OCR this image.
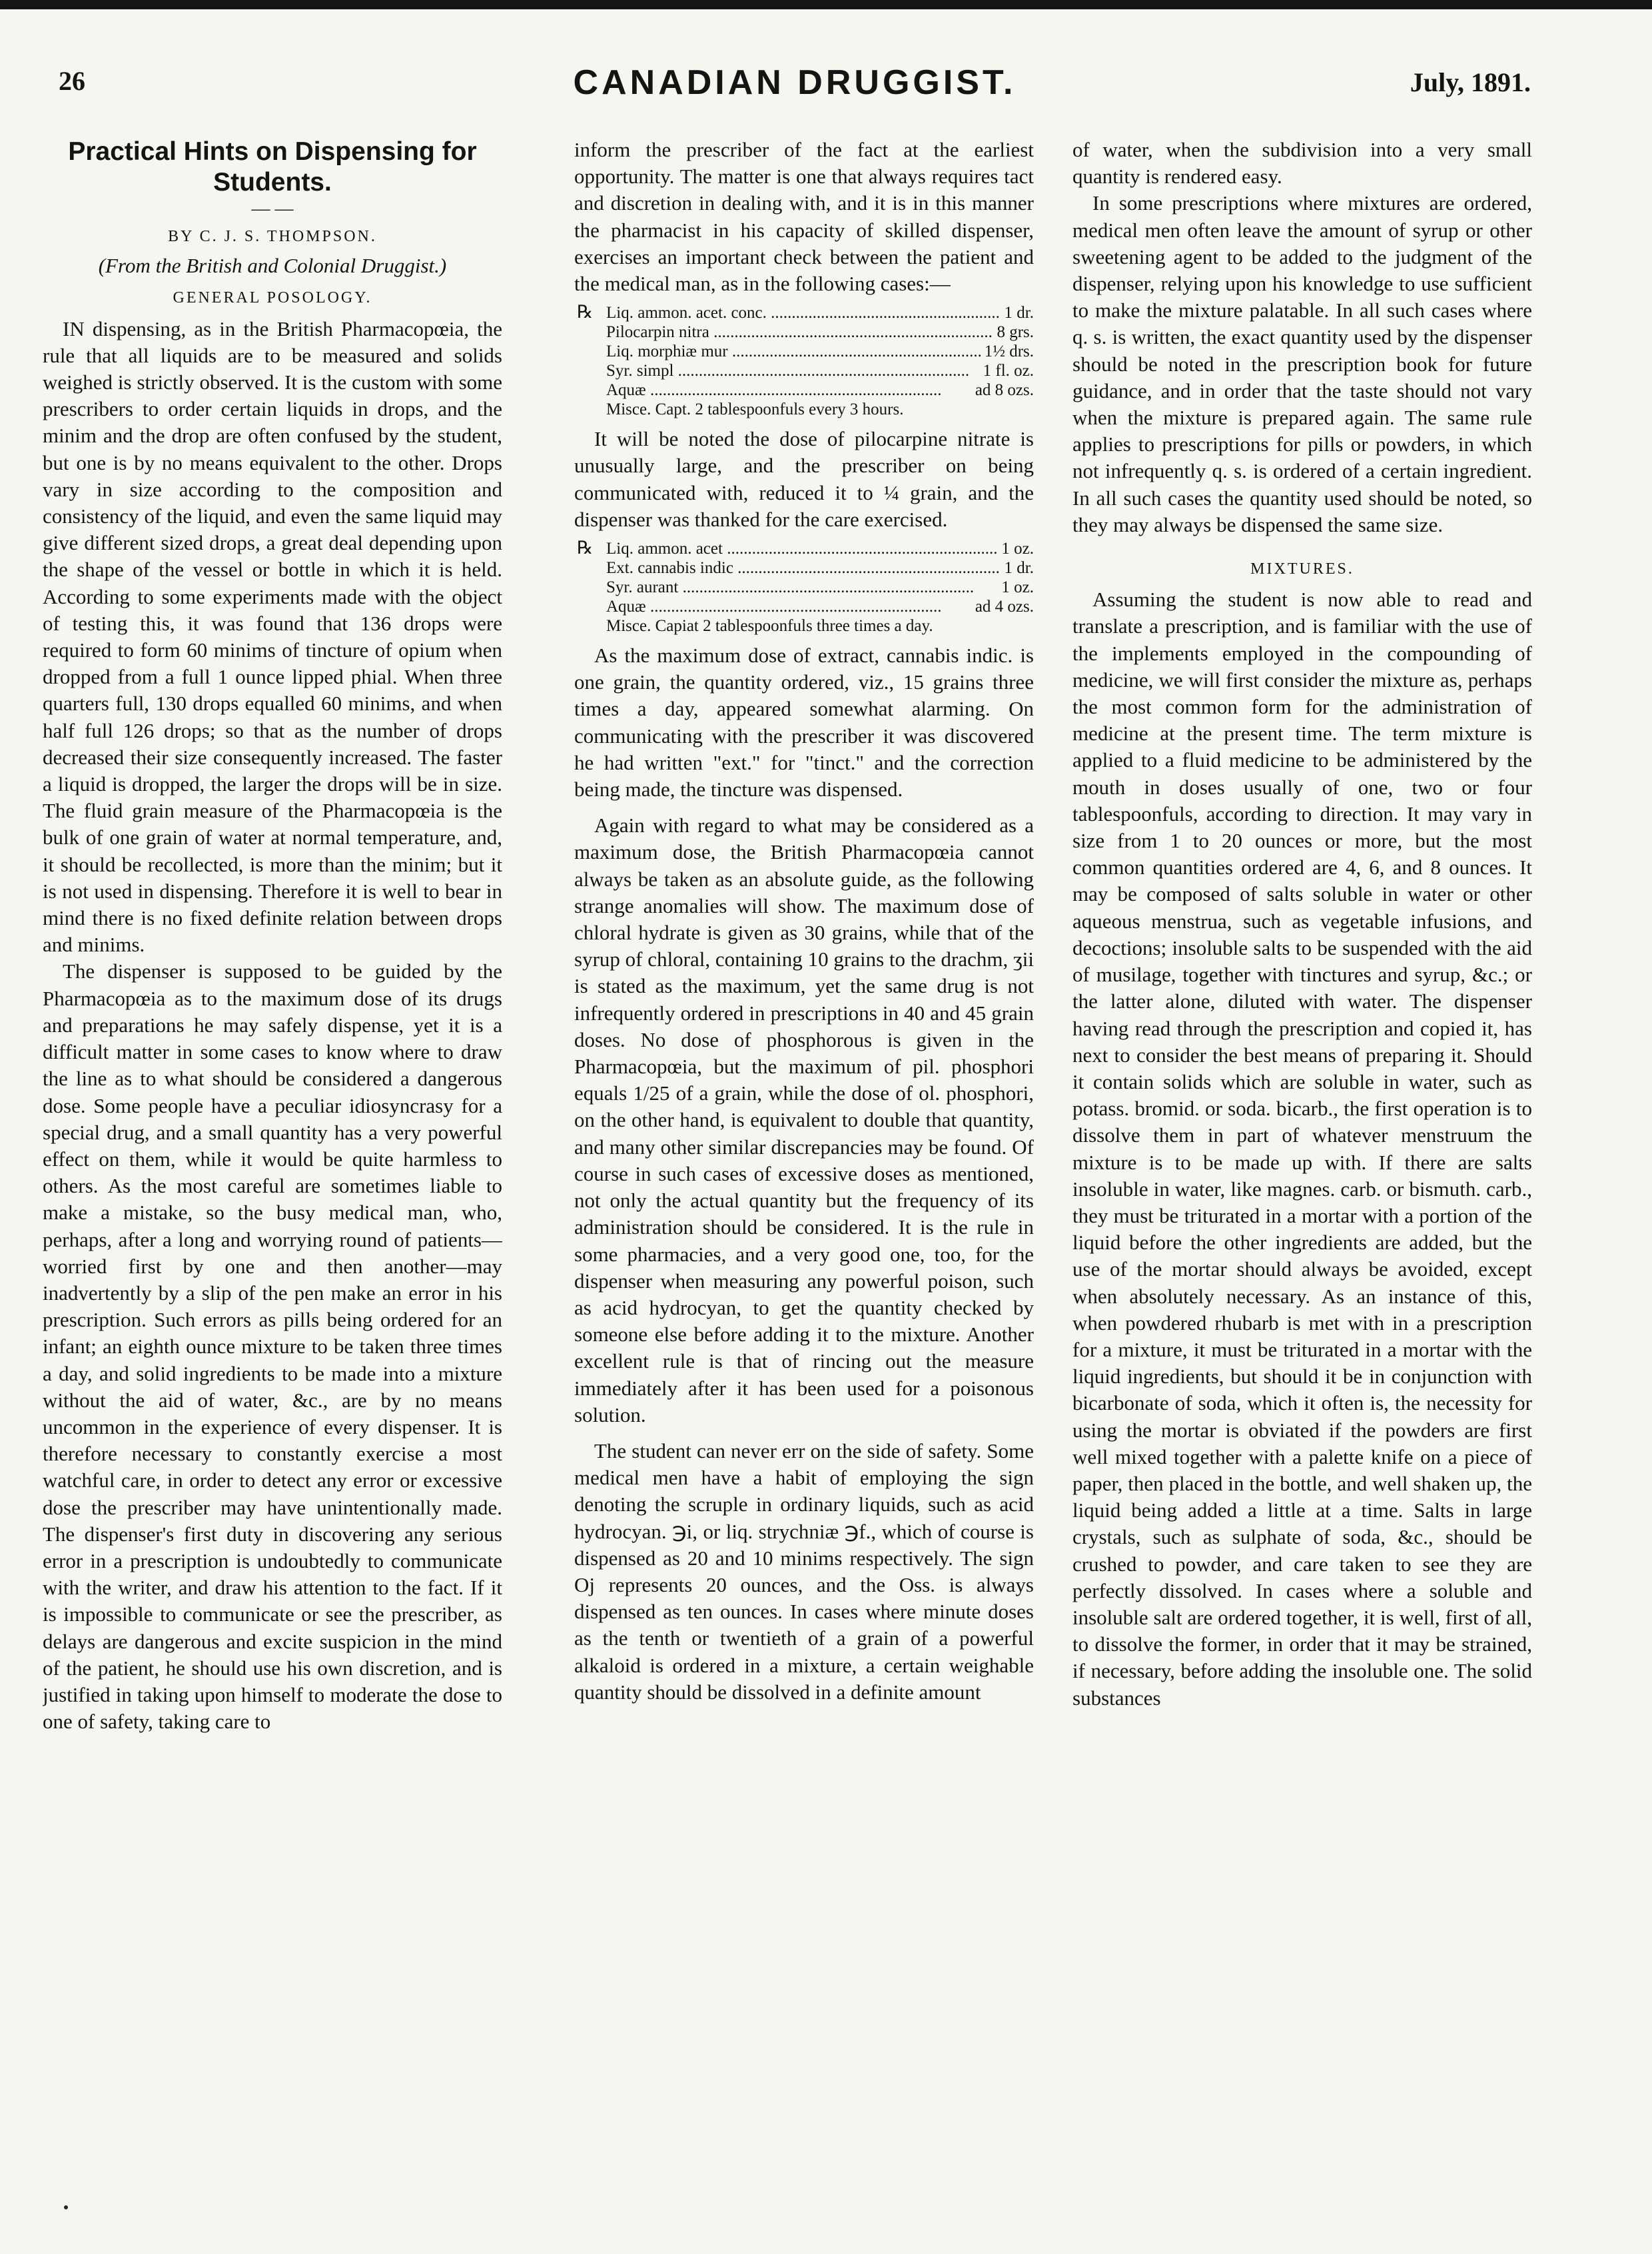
26	CANADIAN DRUGGIST.	July, 1891.
Practical Hints on Dispensing for Students.
— —
BY C. J. S. THOMPSON.
(From the British and Colonial Druggist.)
GENERAL POSOLOGY.

IN dispensing, as in the British Pharmacopœia, the rule that all liquids are to be measured and solids weighed is strictly observed. It is the custom with some prescribers to order certain liquids in drops, and the minim and the drop are often confused by the student, but one is by no means equivalent to the other. Drops vary in size according to the composition and consistency of the liquid, and even the same liquid may give different sized drops, a great deal depending upon the shape of the vessel or bottle in which it is held. According to some experiments made with the object of testing this, it was found that 136 drops were required to form 60 minims of tincture of opium when dropped from a full 1 ounce lipped phial. When three quarters full, 130 drops equalled 60 minims, and when half full 126 drops; so that as the number of drops decreased their size consequently increased. The faster a liquid is dropped, the larger the drops will be in size. The fluid grain measure of the Pharmacopœia is the bulk of one grain of water at normal temperature, and, it should be recollected, is more than the minim; but it is not used in dispensing. Therefore it is well to bear in mind there is no fixed definite relation between drops and minims.

The dispenser is supposed to be guided by the Pharmacopœia as to the maximum dose of its drugs and preparations he may safely dispense, yet it is a difficult matter in some cases to know where to draw the line as to what should be considered a dangerous dose. Some people have a peculiar idiosyncrasy for a special drug, and a small quantity has a very powerful effect on them, while it would be quite harmless to others. As the most careful are sometimes liable to make a mistake, so the busy medical man, who, perhaps, after a long and worrying round of patients—worried first by one and then another—may inadvertently by a slip of the pen make an error in his prescription. Such errors as pills being ordered for an infant; an eighth ounce mixture to be taken three times a day, and solid ingredients to be made into a mixture without the aid of water, &c., are by no means uncommon in the experience of every dispenser. It is therefore necessary to constantly exercise a most watchful care, in order to detect any error or excessive dose the prescriber may have unintentionally made. The dispenser's first duty in discovering any serious error in a prescription is undoubtedly to communicate with the writer, and draw his attention to the fact. If it is impossible to communicate or see the prescriber, as delays are dangerous and excite suspicion in the mind of the patient, he should use his own discretion, and is justified in taking upon himself to moderate the dose to one of safety, taking care to

inform the prescriber of the fact at the earliest opportunity. The matter is one that always requires tact and discretion in dealing with, and it is in this manner the pharmacist in his capacity of skilled dispenser, exercises an important check between the patient and the medical man, as in the following cases:—

℞ Liq. ammon. acet. conc. .....	1 dr.
Pilocarpin nitra .....	8 grs.
Liq. morphiæ mur .....	1½ drs.
Syr. simpl .....	1 fl. oz.
Aquæ .....	ad 8 ozs.
Misce. Capt. 2 tablespoonfuls every 3 hours.

It will be noted the dose of pilocarpine nitrate is unusually large, and the prescriber on being communicated with, reduced it to ¼ grain, and the dispenser was thanked for the care exercised.

℞ Liq. ammon. acet .....	1 oz.
Ext. cannabis indic .....	1 dr.
Syr. aurant .....	1 oz.
Aquæ .....	ad 4 ozs.
Misce. Capiat 2 tablespoonfuls three times a day.

As the maximum dose of extract, cannabis indic. is one grain, the quantity ordered, viz., 15 grains three times a day, appeared somewhat alarming. On communicating with the prescriber it was discovered he had written "ext." for "tinct." and the correction being made, the tincture was dispensed.

Again with regard to what may be considered as a maximum dose, the British Pharmacopœia cannot always be taken as an absolute guide, as the following strange anomalies will show. The maximum dose of chloral hydrate is given as 30 grains, while that of the syrup of chloral, containing 10 grains to the drachm, ʒii is stated as the maximum, yet the same drug is not infrequently ordered in prescriptions in 40 and 45 grain doses. No dose of phosphorous is given in the Pharmacopœia, but the maximum of pil. phosphori equals 1/25 of a grain, while the dose of ol. phosphori, on the other hand, is equivalent to double that quantity, and many other similar discrepancies may be found. Of course in such cases of excessive doses as mentioned, not only the actual quantity but the frequency of its administration should be considered. It is the rule in some pharmacies, and a very good one, too, for the dispenser when measuring any powerful poison, such as acid hydrocyan, to get the quantity checked by someone else before adding it to the mixture. Another excellent rule is that of rincing out the measure immediately after it has been used for a poisonous solution.

The student can never err on the side of safety. Some medical men have a habit of employing the sign denoting the scruple in ordinary liquids, such as acid hydrocyan. ℈i, or liq. strychniæ ℈f., which of course is dispensed as 20 and 10 minims respectively. The sign Oj represents 20 ounces, and the Oss. is always dispensed as ten ounces. In cases where minute doses as the tenth or twentieth of a grain of a powerful alkaloid is ordered in a mixture, a certain weighable quantity should be dissolved in a definite amount

of water, when the subdivision into a very small quantity is rendered easy.

In some prescriptions where mixtures are ordered, medical men often leave the amount of syrup or other sweetening agent to be added to the judgment of the dispenser, relying upon his knowledge to use sufficient to make the mixture palatable. In all such cases where q. s. is written, the exact quantity used by the dispenser should be noted in the prescription book for future guidance, and in order that the taste should not vary when the mixture is prepared again. The same rule applies to prescriptions for pills or powders, in which not infrequently q. s. is ordered of a certain ingredient. In all such cases the quantity used should be noted, so they may always be dispensed the same size.

MIXTURES.

Assuming the student is now able to read and translate a prescription, and is familiar with the use of the implements employed in the compounding of medicine, we will first consider the mixture as, perhaps the most common form for the administration of medicine at the present time. The term mixture is applied to a fluid medicine to be administered by the mouth in doses usually of one, two or four tablespoonfuls, according to direction. It may vary in size from 1 to 20 ounces or more, but the most common quantities ordered are 4, 6, and 8 ounces. It may be composed of salts soluble in water or other aqueous menstrua, such as vegetable infusions, and decoctions; insoluble salts to be suspended with the aid of musilage, together with tinctures and syrup, &c.; or the latter alone, diluted with water. The dispenser having read through the prescription and copied it, has next to consider the best means of preparing it. Should it contain solids which are soluble in water, such as potass. bromid. or soda. bicarb., the first operation is to dissolve them in part of whatever menstruum the mixture is to be made up with. If there are salts insoluble in water, like magnes. carb. or bismuth. carb., they must be triturated in a mortar with a portion of the liquid before the other ingredients are added, but the use of the mortar should always be avoided, except when absolutely necessary. As an instance of this, when powdered rhubarb is met with in a prescription for a mixture, it must be triturated in a mortar with the liquid ingredients, but should it be in conjunction with bicarbonate of soda, which it often is, the necessity for using the mortar is obviated if the powders are first well mixed together with a palette knife on a piece of paper, then placed in the bottle, and well shaken up, the liquid being added a little at a time. Salts in large crystals, such as sulphate of soda, &c., should be crushed to powder, and care taken to see they are perfectly dissolved. In cases where a soluble and insoluble salt are ordered together, it is well, first of all, to dissolve the former, in order that it may be strained, if necessary, before adding the insoluble one. The solid substances
